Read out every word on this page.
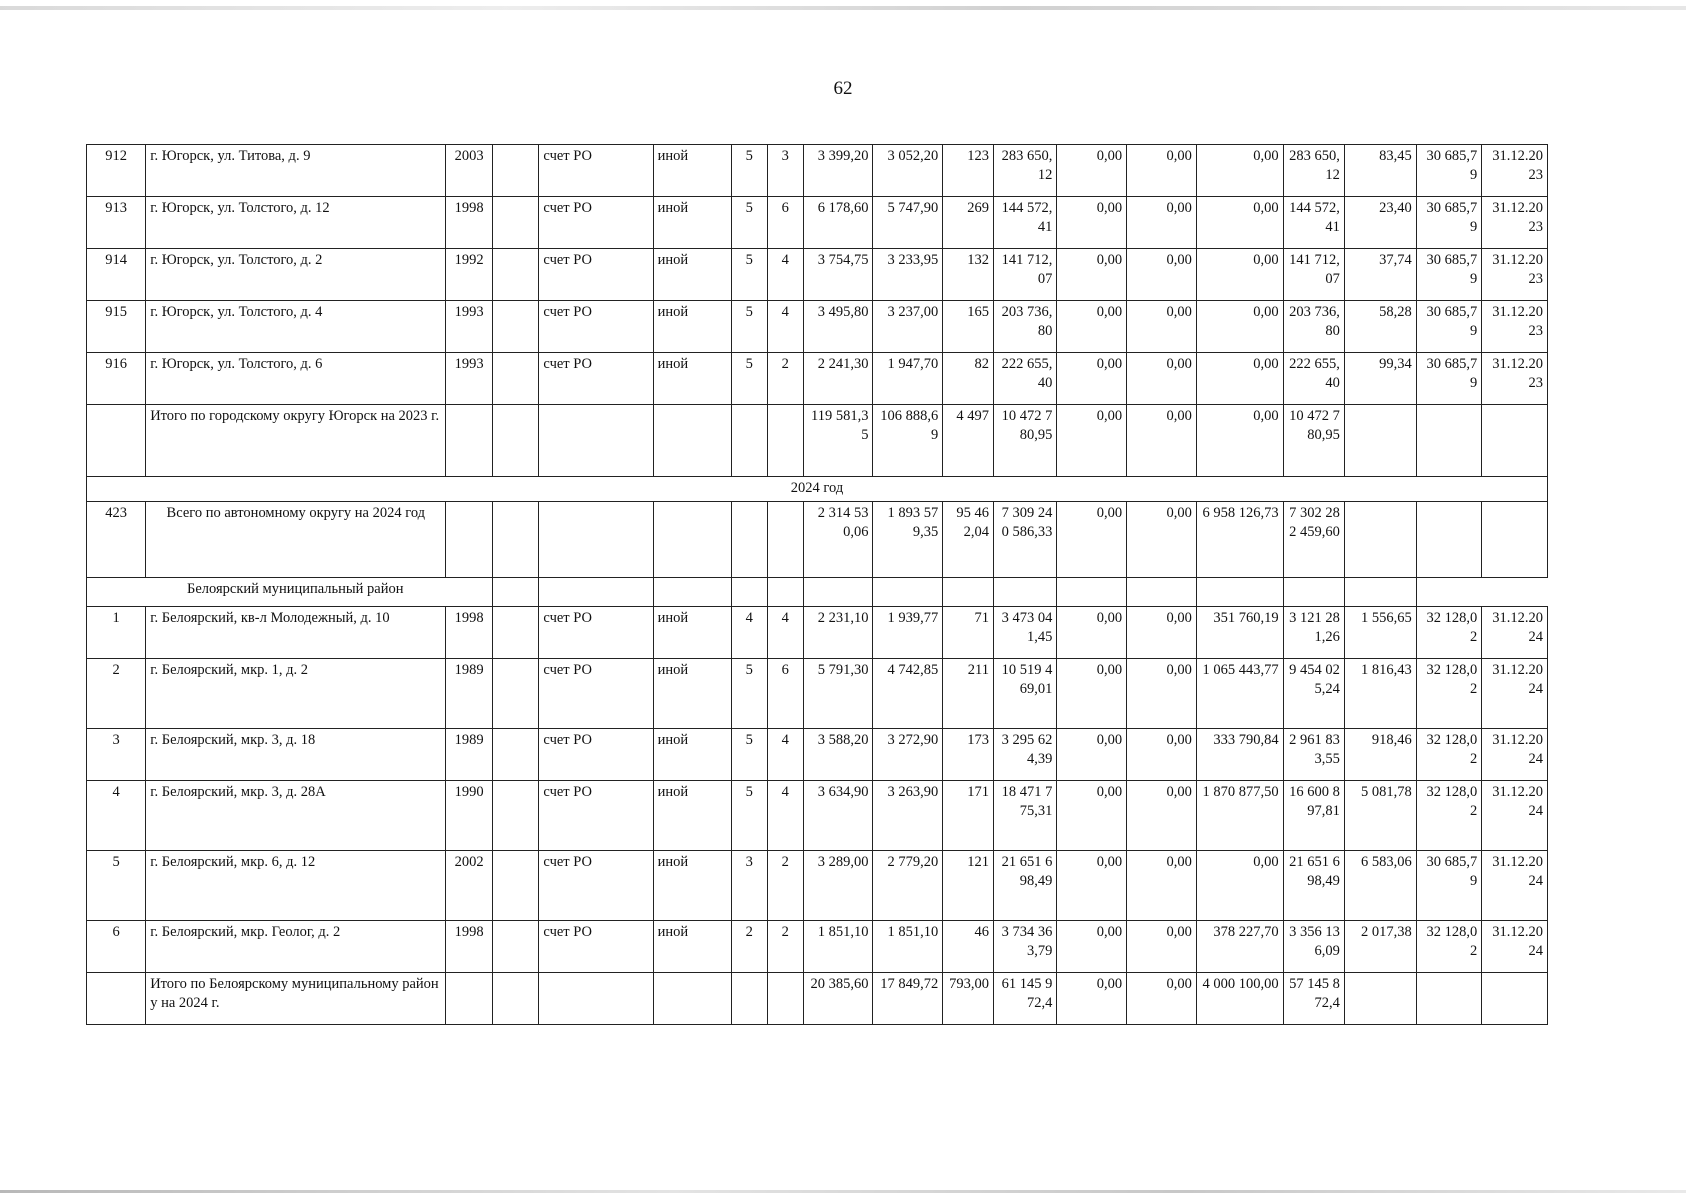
62
912	г. Югорск, ул. Титова, д. 9	2003		счет РО	иной	5	3	3 399,20	3 052,20	123	283 650,12	0,00	0,00	0,00	283 650,12	83,45	30 685,79	31.12.2023
913	г. Югорск, ул. Толстого, д. 12	1998		счет РО	иной	5	6	6 178,60	5 747,90	269	144 572,41	0,00	0,00	0,00	144 572,41	23,40	30 685,79	31.12.2023
914	г. Югорск, ул. Толстого, д. 2	1992		счет РО	иной	5	4	3 754,75	3 233,95	132	141 712,07	0,00	0,00	0,00	141 712,07	37,74	30 685,79	31.12.2023
915	г. Югорск, ул. Толстого, д. 4	1993		счет РО	иной	5	4	3 495,80	3 237,00	165	203 736,80	0,00	0,00	0,00	203 736,80	58,28	30 685,79	31.12.2023
916	г. Югорск, ул. Толстого, д. 6	1993		счет РО	иной	5	2	2 241,30	1 947,70	82	222 655,40	0,00	0,00	0,00	222 655,40	99,34	30 685,79	31.12.2023
	Итого по городскому округу Югорск на 2023 г.							119 581,35	106 888,69	4 497	10 472 780,95	0,00	0,00	0,00	10 472 780,95			
2024 год																		
423	Всего по автономному округу на 2024 год							2 314 530,06	1 893 579,35	95 462,04	7 309 240 586,33	0,00	0,00	6 958 126,73	7 302 282 459,60			
Белоярский муниципальный район																		
1	г. Белоярский, кв-л Молодежный, д. 10	1998		счет РО	иной	4	4	2 231,10	1 939,77	71	3 473 041,45	0,00	0,00	351 760,19	3 121 281,26	1 556,65	32 128,02	31.12.2024
2	г. Белоярский, мкр. 1, д. 2	1989		счет РО	иной	5	6	5 791,30	4 742,85	211	10 519 469,01	0,00	0,00	1 065 443,77	9 454 025,24	1 816,43	32 128,02	31.12.2024
3	г. Белоярский, мкр. 3, д. 18	1989		счет РО	иной	5	4	3 588,20	3 272,90	173	3 295 624,39	0,00	0,00	333 790,84	2 961 833,55	918,46	32 128,02	31.12.2024
4	г. Белоярский, мкр. 3, д. 28А	1990		счет РО	иной	5	4	3 634,90	3 263,90	171	18 471 775,31	0,00	0,00	1 870 877,50	16 600 897,81	5 081,78	32 128,02	31.12.2024
5	г. Белоярский, мкр. 6, д. 12	2002		счет РО	иной	3	2	3 289,00	2 779,20	121	21 651 698,49	0,00	0,00	0,00	21 651 698,49	6 583,06	30 685,79	31.12.2024
6	г. Белоярский, мкр. Геолог, д. 2	1998		счет РО	иной	2	2	1 851,10	1 851,10	46	3 734 363,79	0,00	0,00	378 227,70	3 356 136,09	2 017,38	32 128,02	31.12.2024
	Итого по Белоярскому муниципальному району на 2024 г.							20 385,60	17 849,72	793,00	61 145 972,4	0,00	0,00	4 000 100,00	57 145 872,4			
